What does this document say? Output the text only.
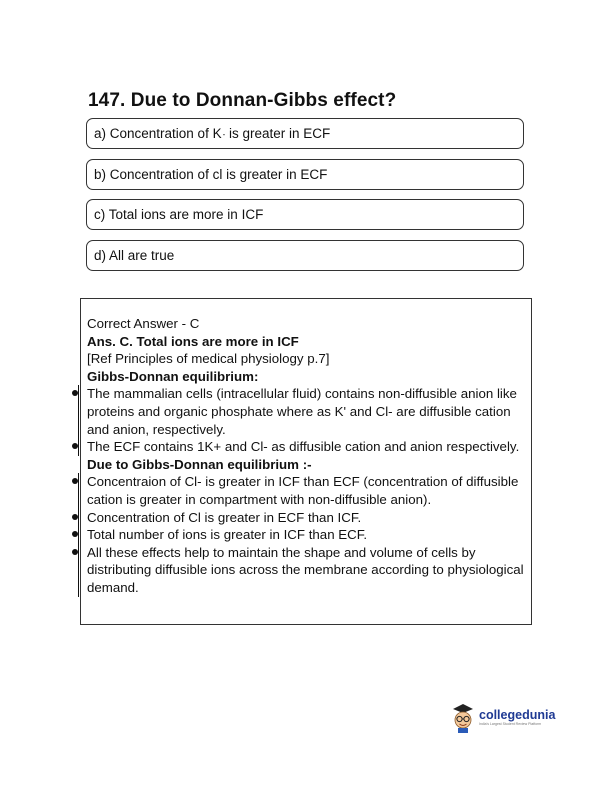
147. Due to Donnan-Gibbs effect?
a) Concentration of K- is greater in ECF
b) Concentration of cl is greater in ECF
c) Total ions are more in ICF
d) All are true

Correct Answer - C

Ans. C. Total ions are more in ICF

[Ref Principles of medical physiology p.7]

Gibbs-Donnan equilibrium:

The mammalian cells (intracellular fluid) contains non-diffusible anion like proteins and organic phosphate where as K' and Cl- are diffusible cation and anion, respectively.

The ECF contains 1K+ and Cl- as diffusible cation and anion respectively.

Due to Gibbs-Donnan equilibrium :-

Concentraion of Cl- is greater in ICF than ECF (concentration of diffusible cation is greater in compartment with non-diffusible anion).

Concentration of Cl is greater in ECF than ICF.

Total number of ions is greater in ICF than ECF.

All these effects help to maintain the shape and volume of cells by distributing diffusible ions across the membrane according to physiological demand.

collegedunia
India's Largest Student Review Platform
